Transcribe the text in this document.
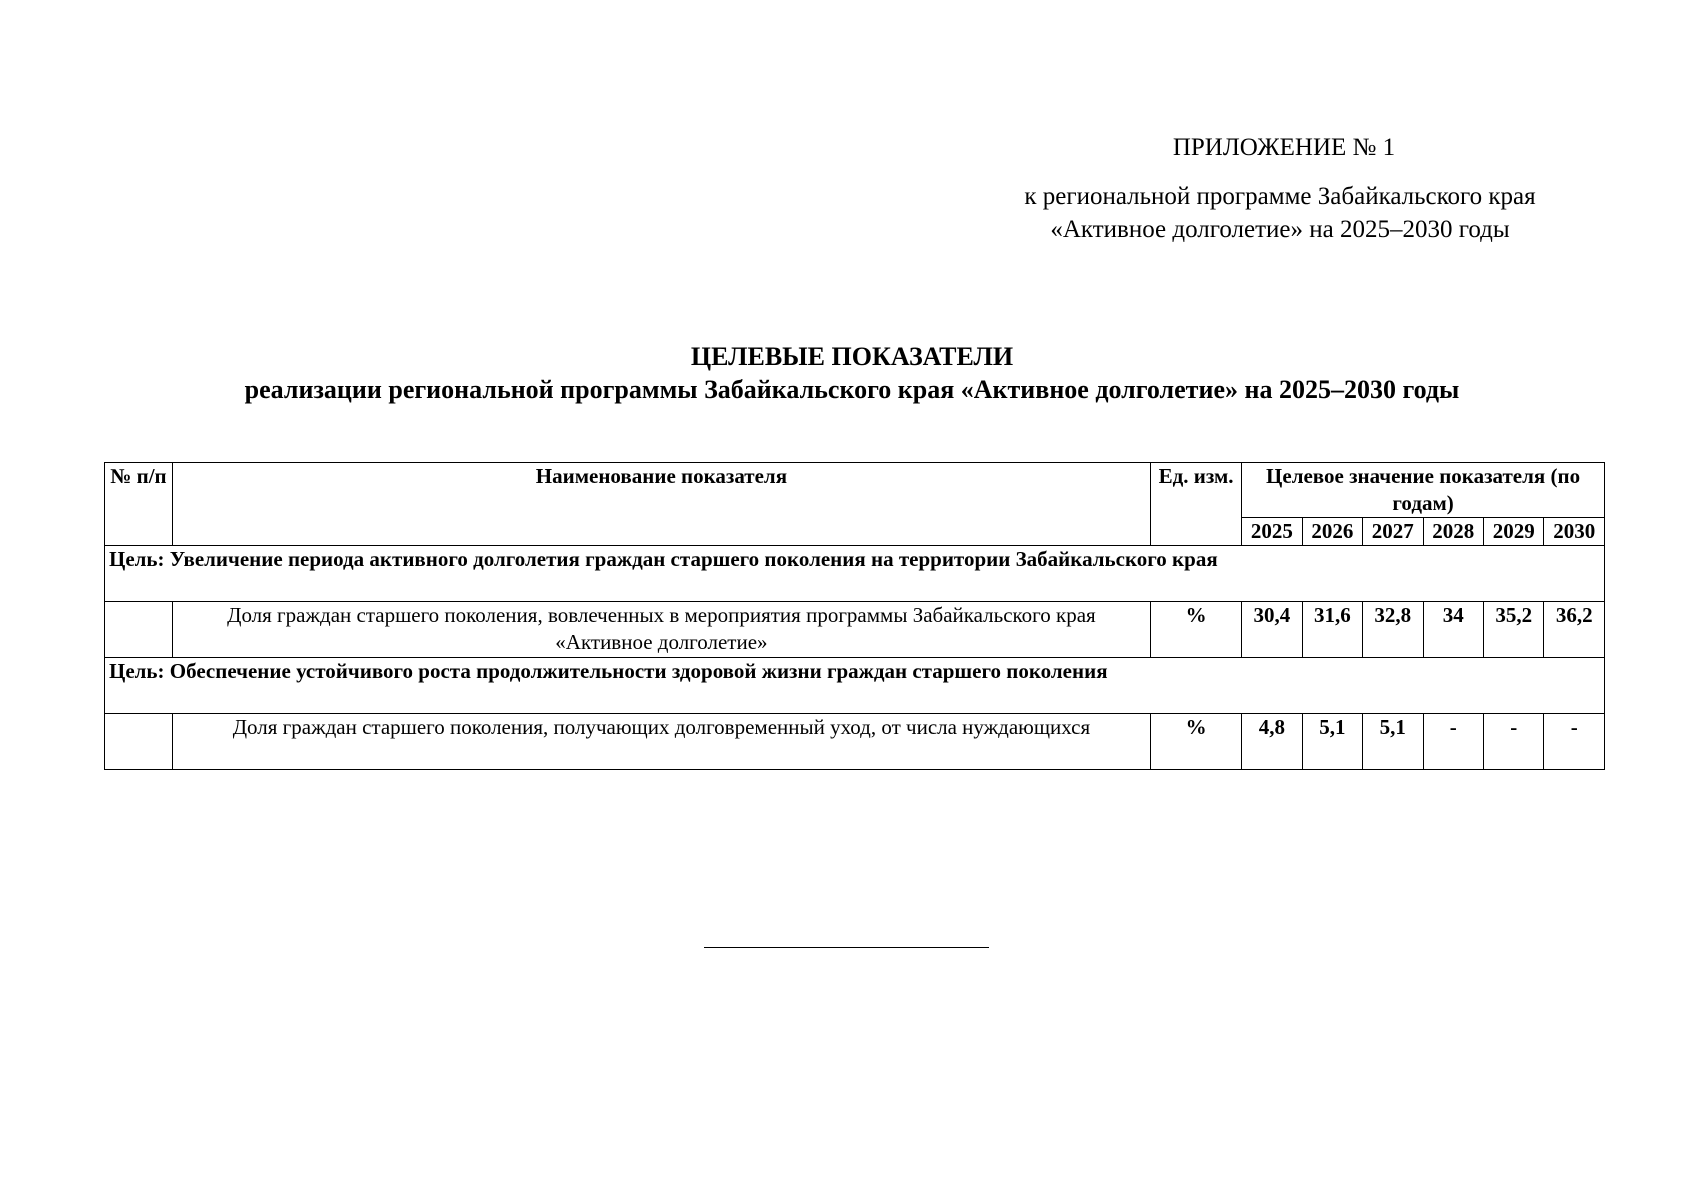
ПРИЛОЖЕНИЕ № 1
к региональной программе Забайкальского края
«Активное долголетие» на 2025–2030 годы
ЦЕЛЕВЫЕ ПОКАЗАТЕЛИ
реализации региональной программы Забайкальского края «Активное долголетие» на 2025–2030 годы
№ п/п	Наименование показателя	Ед. изм.	Целевое значение показателя (по годам)					
			2025	2026	2027	2028	2029	2030
Цель: Увеличение периода активного долголетия граждан старшего поколения на территории Забайкальского края								
	Доля граждан старшего поколения, вовлеченных в мероприятия программы Забайкальского края «Активное долголетие»	%	30,4	31,6	32,8	34	35,2	36,2
Цель: Обеспечение устойчивого роста продолжительности здоровой жизни граждан старшего поколения								
	Доля граждан старшего поколения, получающих долговременный уход, от числа нуждающихся	%	4,8	5,1	5,1	-	-	-
